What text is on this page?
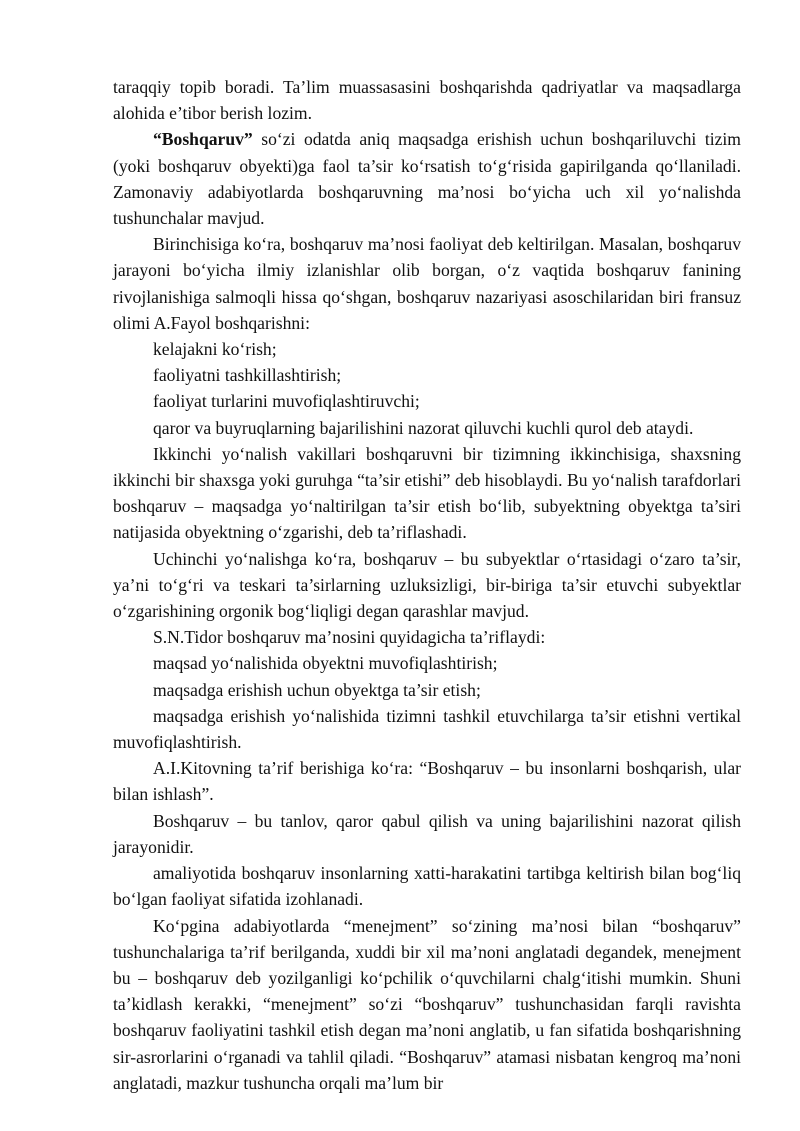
taraqqiy topib boradi. Ta’lim muassasasini boshqarishda qadriyatlar va maqsadlarga alohida e’tibor berish lozim.

“Boshqaruv” so‘zi odatda aniq maqsadga erishish uchun boshqariluvchi tizim (yoki boshqaruv obyekti)ga faol ta’sir ko‘rsatish to‘g‘risida gapirilganda qo‘llaniladi. Zamonaviy adabiyotlarda boshqaruvning ma’nosi bo‘yicha uch xil yo‘nalishda tushunchalar mavjud.

Birinchisiga ko‘ra, boshqaruv ma’nosi faoliyat deb keltirilgan. Masalan, boshqaruv jarayoni bo‘yicha ilmiy izlanishlar olib borgan, o‘z vaqtida boshqaruv fanining rivojlanishiga salmoqli hissa qo‘shgan, boshqaruv nazariyasi asoschilaridan biri fransuz olimi A.Fayol boshqarishni:

kelajakni ko‘rish;

faoliyatni tashkillashtirish;

faoliyat turlarini muvofiqlashtiruvchi;

qaror va buyruqlarning bajarilishini nazorat qiluvchi kuchli qurol deb ataydi.

Ikkinchi yo‘nalish vakillari boshqaruvni bir tizimning ikkinchisiga, shaxsning ikkinchi bir shaxsga yoki guruhga “ta’sir etishi” deb hisoblaydi. Bu yo‘nalish tarafdorlari boshqaruv – maqsadga yo‘naltirilgan ta’sir etish bo‘lib, subyektning obyektga ta’siri natijasida obyektning o‘zgarishi, deb ta’riflashadi.

Uchinchi yo‘nalishga ko‘ra, boshqaruv – bu subyektlar o‘rtasidagi o‘zaro ta’sir, ya’ni to‘g‘ri va teskari ta’sirlarning uzluksizligi, bir-biriga ta’sir etuvchi subyektlar o‘zgarishining orgonik bog‘liqligi degan qarashlar mavjud.

S.N.Tidor boshqaruv ma’nosini quyidagicha ta’riflaydi:

maqsad yo‘nalishida obyektni muvofiqlashtirish;

maqsadga erishish uchun obyektga ta’sir etish;

maqsadga erishish yo‘nalishida tizimni tashkil etuvchilarga ta’sir etishni vertikal muvofiqlashtirish.

A.I.Kitovning ta’rif berishiga ko‘ra: “Boshqaruv – bu insonlarni boshqarish, ular bilan ishlash”.

Boshqaruv – bu tanlov, qaror qabul qilish va uning bajarilishini nazorat qilish jarayonidir.

amaliyotida boshqaruv insonlarning xatti-harakatini tartibga keltirish bilan bog‘liq bo‘lgan faoliyat sifatida izohlanadi.

Ko‘pgina adabiyotlarda “menejment” so‘zining ma’nosi bilan “boshqaruv” tushunchalariga ta’rif berilganda, xuddi bir xil ma’noni anglatadi degandek, menejment bu – boshqaruv deb yozilganligi ko‘pchilik o‘quvchilarni chalg‘itishi mumkin. Shuni ta’kidlash kerakki, “menejment” so‘zi “boshqaruv” tushunchasidan farqli ravishta boshqaruv faoliyatini tashkil etish degan ma’noni anglatib, u fan sifatida boshqarishning sir-asrorlarini o‘rganadi va tahlil qiladi. “Boshqaruv” atamasi nisbatan kengroq ma’noni anglatadi, mazkur tushuncha orqali ma’lum bir
